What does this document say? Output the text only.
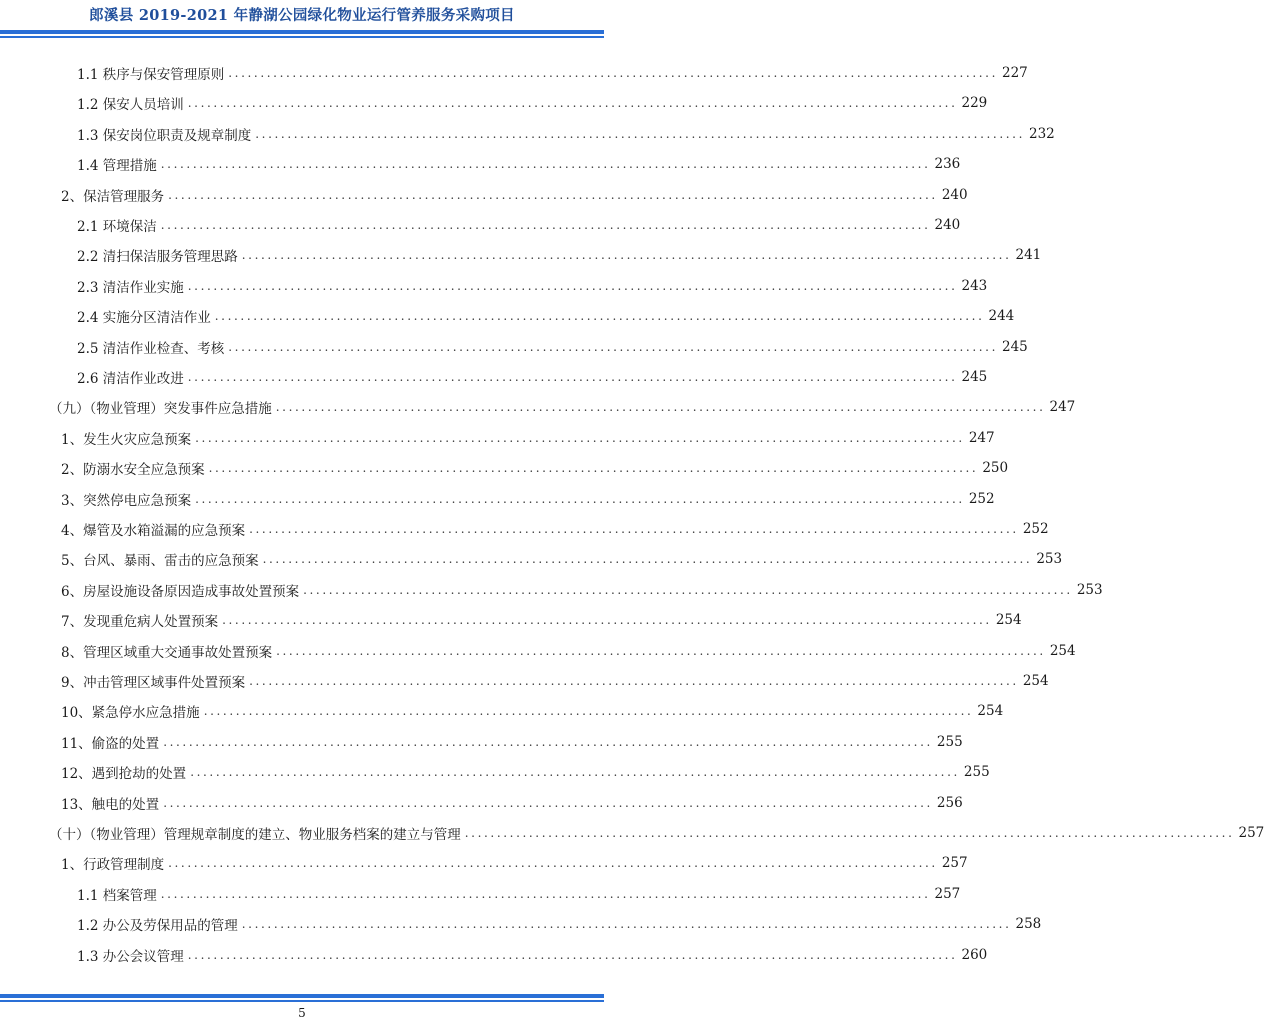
郎溪县 2019-2021 年静湖公园绿化物业运行管养服务采购项目
1.1 秩序与保安管理原则 ........................................................................................................................ 227
1.2 保安人员培训 ........................................................................................................................ 229
1.3 保安岗位职责及规章制度 ........................................................................................................................ 232
1.4 管理措施 ........................................................................................................................ 236
2、保洁管理服务 ........................................................................................................................ 240
2.1 环境保洁 ........................................................................................................................ 240
2.2 清扫保洁服务管理思路 ........................................................................................................................ 241
2.3 清洁作业实施 ........................................................................................................................ 243
2.4 实施分区清洁作业 ........................................................................................................................ 244
2.5 清洁作业检查、考核 ........................................................................................................................ 245
2.6 清洁作业改进 ........................................................................................................................ 245
（九）（物业管理）突发事件应急措施 ........................................................................................................................ 247
1、发生火灾应急预案 ........................................................................................................................ 247
2、防溺水安全应急预案 ........................................................................................................................ 250
3、突然停电应急预案 ........................................................................................................................ 252
4、爆管及水箱溢漏的应急预案 ........................................................................................................................ 252
5、台风、暴雨、雷击的应急预案 ........................................................................................................................ 253
6、房屋设施设备原因造成事故处置预案 ........................................................................................................................ 253
7、发现重危病人处置预案 ........................................................................................................................ 254
8、管理区域重大交通事故处置预案 ........................................................................................................................ 254
9、冲击管理区域事件处置预案 ........................................................................................................................ 254
10、紧急停水应急措施 ........................................................................................................................ 254
11、偷盗的处置 ........................................................................................................................ 255
12、遇到抢劫的处置 ........................................................................................................................ 255
13、触电的处置 ........................................................................................................................ 256
（十）（物业管理）管理规章制度的建立、物业服务档案的建立与管理 ........................................................................................................................ 257
1、行政管理制度 ........................................................................................................................ 257
1.1 档案管理 ........................................................................................................................ 257
1.2 办公及劳保用品的管理 ........................................................................................................................ 258
1.3 办公会议管理 ........................................................................................................................ 260
5
